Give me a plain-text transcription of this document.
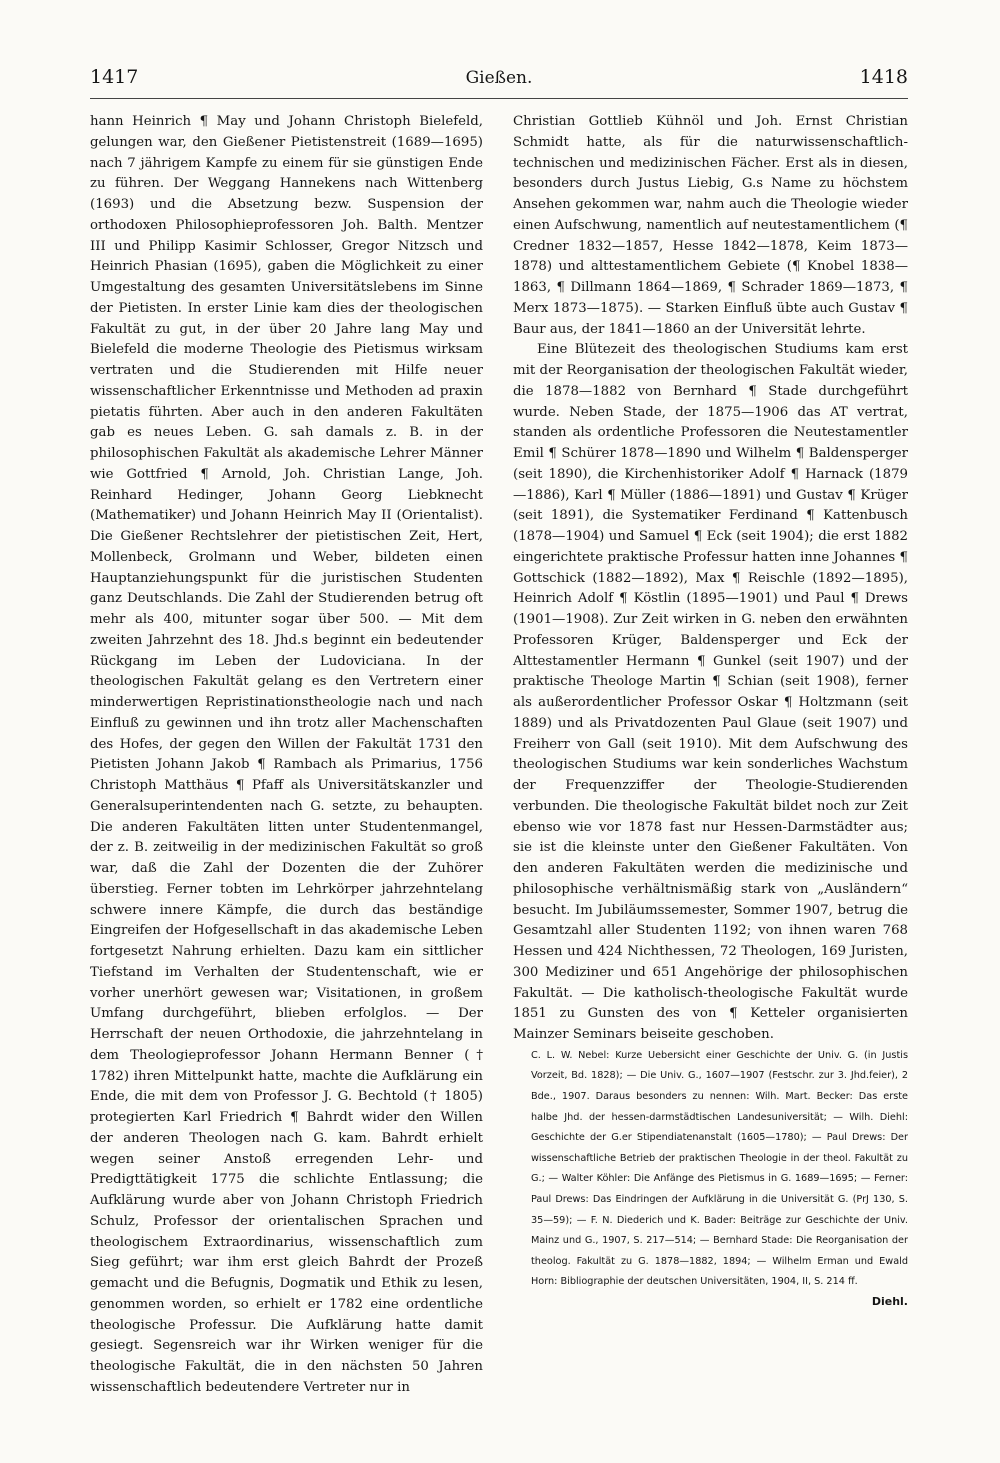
1417	Gießen.	1418

hann Heinrich ¶ May und Johann Christoph Bielefeld, gelungen war, den Gießener Pietistenstreit (1689—1695) nach 7 jährigem Kampfe zu einem für sie günstigen Ende zu führen. Der Weggang Hannekens nach Wittenberg (1693) und die Absetzung bezw. Suspension der orthodoxen Philosophieprofessoren Joh. Balth. Mentzer III und Philipp Kasimir Schlosser, Gregor Nitzsch und Heinrich Phasian (1695), gaben die Möglichkeit zu einer Umgestaltung des gesamten Universitätslebens im Sinne der Pietisten. In erster Linie kam dies der theologischen Fakultät zu gut, in der über 20 Jahre lang May und Bielefeld die moderne Theologie des Pietismus wirksam vertraten und die Studierenden mit Hilfe neuer wissenschaftlicher Erkenntnisse und Methoden ad praxin pietatis führten. Aber auch in den anderen Fakultäten gab es neues Leben. G. sah damals z. B. in der philosophischen Fakultät als akademische Lehrer Männer wie Gottfried ¶ Arnold, Joh. Christian Lange, Joh. Reinhard Hedinger, Johann Georg Liebknecht (Mathematiker) und Johann Heinrich May II (Orientalist). Die Gießener Rechtslehrer der pietistischen Zeit, Hert, Mollenbeck, Grolmann und Weber, bildeten einen Hauptanziehungspunkt für die juristischen Studenten ganz Deutschlands. Die Zahl der Studierenden betrug oft mehr als 400, mitunter sogar über 500. — Mit dem zweiten Jahrzehnt des 18. Jhd.s beginnt ein bedeutender Rückgang im Leben der Ludoviciana. In der theologischen Fakultät gelang es den Vertretern einer minderwertigen Repristinationstheologie nach und nach Einfluß zu gewinnen und ihn trotz aller Machenschaften des Hofes, der gegen den Willen der Fakultät 1731 den Pietisten Johann Jakob ¶ Rambach als Primarius, 1756 Christoph Matthäus ¶ Pfaff als Universitätskanzler und Generalsuperintendenten nach G. setzte, zu behaupten. Die anderen Fakultäten litten unter Studentenmangel, der z. B. zeitweilig in der medizinischen Fakultät so groß war, daß die Zahl der Dozenten die der Zuhörer überstieg. Ferner tobten im Lehrkörper jahrzehntelang schwere innere Kämpfe, die durch das beständige Eingreifen der Hofgesellschaft in das akademische Leben fortgesetzt Nahrung erhielten. Dazu kam ein sittlicher Tiefstand im Verhalten der Studentenschaft, wie er vorher unerhört gewesen war; Visitationen, in großem Umfang durchgeführt, blieben erfolglos. — Der Herrschaft der neuen Orthodoxie, die jahrzehntelang in dem Theologieprofessor Johann Hermann Benner († 1782) ihren Mittelpunkt hatte, machte die Aufklärung ein Ende, die mit dem von Professor J. G. Bechtold († 1805) protegierten Karl Friedrich ¶ Bahrdt wider den Willen der anderen Theologen nach G. kam. Bahrdt erhielt wegen seiner Anstoß erregenden Lehr- und Predigttätigkeit 1775 die schlichte Entlassung; die Aufklärung wurde aber von Johann Christoph Friedrich Schulz, Professor der orientalischen Sprachen und theologischem Extraordinarius, wissenschaftlich zum Sieg geführt; war ihm erst gleich Bahrdt der Prozeß gemacht und die Befugnis, Dogmatik und Ethik zu lesen, genommen worden, so erhielt er 1782 eine ordentliche theologische Professur. Die Aufklärung hatte damit gesiegt. Segensreich war ihr Wirken weniger für die theologische Fakultät, die in den nächsten 50 Jahren wissenschaftlich bedeutendere Vertreter nur in

Christian Gottlieb Kühnöl und Joh. Ernst Christian Schmidt hatte, als für die naturwissenschaftlich-technischen und medizinischen Fächer. Erst als in diesen, besonders durch Justus Liebig, G.s Name zu höchstem Ansehen gekommen war, nahm auch die Theologie wieder einen Aufschwung, namentlich auf neutestamentlichem (¶ Credner 1832—1857, Hesse 1842—1878, Keim 1873—1878) und alttestamentlichem Gebiete (¶ Knobel 1838—1863, ¶ Dillmann 1864—1869, ¶ Schrader 1869—1873, ¶ Merx 1873—1875). — Starken Einfluß übte auch Gustav ¶ Baur aus, der 1841—1860 an der Universität lehrte.

Eine Blütezeit des theologischen Studiums kam erst mit der Reorganisation der theologischen Fakultät wieder, die 1878—1882 von Bernhard ¶ Stade durchgeführt wurde. Neben Stade, der 1875—1906 das AT vertrat, standen als ordentliche Professoren die Neutestamentler Emil ¶ Schürer 1878—1890 und Wilhelm ¶ Baldensperger (seit 1890), die Kirchenhistoriker Adolf ¶ Harnack (1879—1886), Karl ¶ Müller (1886—1891) und Gustav ¶ Krüger (seit 1891), die Systematiker Ferdinand ¶ Kattenbusch (1878—1904) und Samuel ¶ Eck (seit 1904); die erst 1882 eingerichtete praktische Professur hatten inne Johannes ¶ Gottschick (1882—1892), Max ¶ Reischle (1892—1895), Heinrich Adolf ¶ Köstlin (1895—1901) und Paul ¶ Drews (1901—1908). Zur Zeit wirken in G. neben den erwähnten Professoren Krüger, Baldensperger und Eck der Alttestamentler Hermann ¶ Gunkel (seit 1907) und der praktische Theologe Martin ¶ Schian (seit 1908), ferner als außerordentlicher Professor Oskar ¶ Holtzmann (seit 1889) und als Privatdozenten Paul Glaue (seit 1907) und Freiherr von Gall (seit 1910). Mit dem Aufschwung des theologischen Studiums war kein sonderliches Wachstum der Frequenzziffer der Theologie-Studierenden verbunden. Die theologische Fakultät bildet noch zur Zeit ebenso wie vor 1878 fast nur Hessen-Darmstädter aus; sie ist die kleinste unter den Gießener Fakultäten. Von den anderen Fakultäten werden die medizinische und philosophische verhältnismäßig stark von „Ausländern“ besucht. Im Jubiläumssemester, Sommer 1907, betrug die Gesamtzahl aller Studenten 1192; von ihnen waren 768 Hessen und 424 Nichthessen, 72 Theologen, 169 Juristen, 300 Mediziner und 651 Angehörige der philosophischen Fakultät. — Die katholisch-theologische Fakultät wurde 1851 zu Gunsten des von ¶ Ketteler organisierten Mainzer Seminars beiseite geschoben.

C. L. W. Nebel: Kurze Uebersicht einer Geschichte der Univ. G. (in Justis Vorzeit, Bd. 1828); — Die Univ. G., 1607—1907 (Festschr. zur 3. Jhd.feier), 2 Bde., 1907. Daraus besonders zu nennen: Wilh. Mart. Becker: Das erste halbe Jhd. der hessen-darmstädtischen Landesuniversität; — Wilh. Diehl: Geschichte der G.er Stipendiatenanstalt (1605—1780); — Paul Drews: Der wissenschaftliche Betrieb der praktischen Theologie in der theol. Fakultät zu G.; — Walter Köhler: Die Anfänge des Pietismus in G. 1689—1695; — Ferner: Paul Drews: Das Eindringen der Aufklärung in die Universität G. (PrJ 130, S. 35—59); — F. N. Diederich und K. Bader: Beiträge zur Geschichte der Univ. Mainz und G., 1907, S. 217—514; — Bernhard Stade: Die Reorganisation der theolog. Fakultät zu G. 1878—1882, 1894; — Wilhelm Erman und Ewald Horn: Bibliographie der deutschen Universitäten, 1904, II, S. 214 ff.

Diehl.
